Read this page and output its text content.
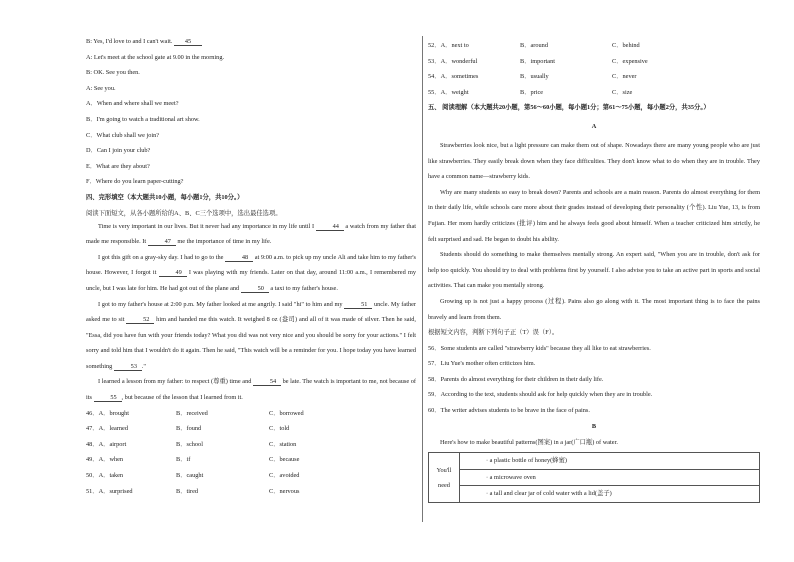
B: Yes, I'd love to and I can't wait. 45
A: Let's meet at the school gate at 9.00 in the morning.
B: OK. See you then.
A: See you.
A．When and where shall we meet?
B．I'm going to watch a traditional art show.
C．What club shall we join?
D．Can I join your club?
E．What are they about?
F．Where do you learn paper-cutting?
四、完形填空（本大题共10小题，每小题1分，共10分。）
阅读下面短文，从各小题所给的A、B、C三个选项中，选出最佳选项。
Time is very important in our lives. But it never had any importance in my life until I	44 a watch from my father that made me responsible. It	47 me the importance of time in my life.
I got this gift on a gray-sky day. I had to go to the	48 at 9:00 a.m. to pick up my uncle Ali and take him to my father's house. However, I forgot it	49 I was playing with my friends. Later on that day, around 11:00 a.m., I remembered my uncle, but I was late for him. He had got out of the plane and	50 a taxi to my father's house.
I got to my father's house at 2:00 p.m. My father looked at me angrily. I said "hi" to him and my	51 uncle. My father asked me to sit	52 him and handed me this watch. It weighed 8 oz (盎司) and all of it was made of silver. Then he said, "Essa, did you have fun with your friends today? What you did was not very nice and you should be sorry for your actions." I felt sorry and told him that I wouldn't do it again. Then he said, "This watch will be a reminder for you. I hope today you have learned something	53 ."
I learned a lesson from my father: to respect (尊重) time and	54 be late. The watch is important to me, not because of its	55 , but because of the lesson that I learned from it.
46．A．brought	B．received	C．borrowed
47．A．learned	B．found	C．told
48．A．airport	B．school	C．station
49．A．when	B．if	C．because
50．A．taken	B．caught	C．avoided
51．A．surprised	B．tired	C．nervous
52．A．next to	B．around	C．behind
53．A．wonderful	B．important	C．expensive
54．A．sometimes	B．usually	C．never
55．A．weight	B．price	C．size
五、 阅读理解（本大题共20小题，第56～60小题，每小题1分；第61～75小题，每小题2分，共35分。）
A
Strawberries look nice, but a light pressure can make them out of shape. Nowadays there are many young people who are just like strawberries. They easily break down when they face difficulties. They don't know what to do when they are in trouble. They have a common name—strawberry kids.
Why are many students so easy to break down? Parents and schools are a main reason. Parents do almost everything for them in their daily life, while schools care more about their grades instead of developing their personality (个性). Liu Yue, 13, is from Fujian. Her mom hardly criticizes (批评) him and he always feels good about himself. When a teacher criticized him strictly, he felt surprised and sad. He began to doubt his ability.
Students should do something to make themselves mentally strong. An expert said, "When you are in trouble, don't ask for help too quickly. You should try to deal with problems first by yourself. I also advise you to take an active part in sports and social activities. That can make you mentally strong.
Growing up is not just a happy process (过程). Pains also go along with it. The most important thing is to face the pains bravely and learn from them.
根据短文内容，判断下列句子正（T）误（F）。
56．Some students are called "strawberry kids" because they all like to eat strawberries.
57．Liu Yue's mother often criticizes him.
58．Parents do almost everything for their children in their daily life.
59．According to the text, students should ask for help quickly when they are in trouble.
60．The writer advises students to be brave in the face of pains.
B
Here's how to make beautiful patterns(图案) in a jar(广口瓶) of water.
You'll
need
	· a plastic bottle of honey(蜂蜜)
· a microwave oven
· a tall and clear jar of cold water with a lid(盖子)
